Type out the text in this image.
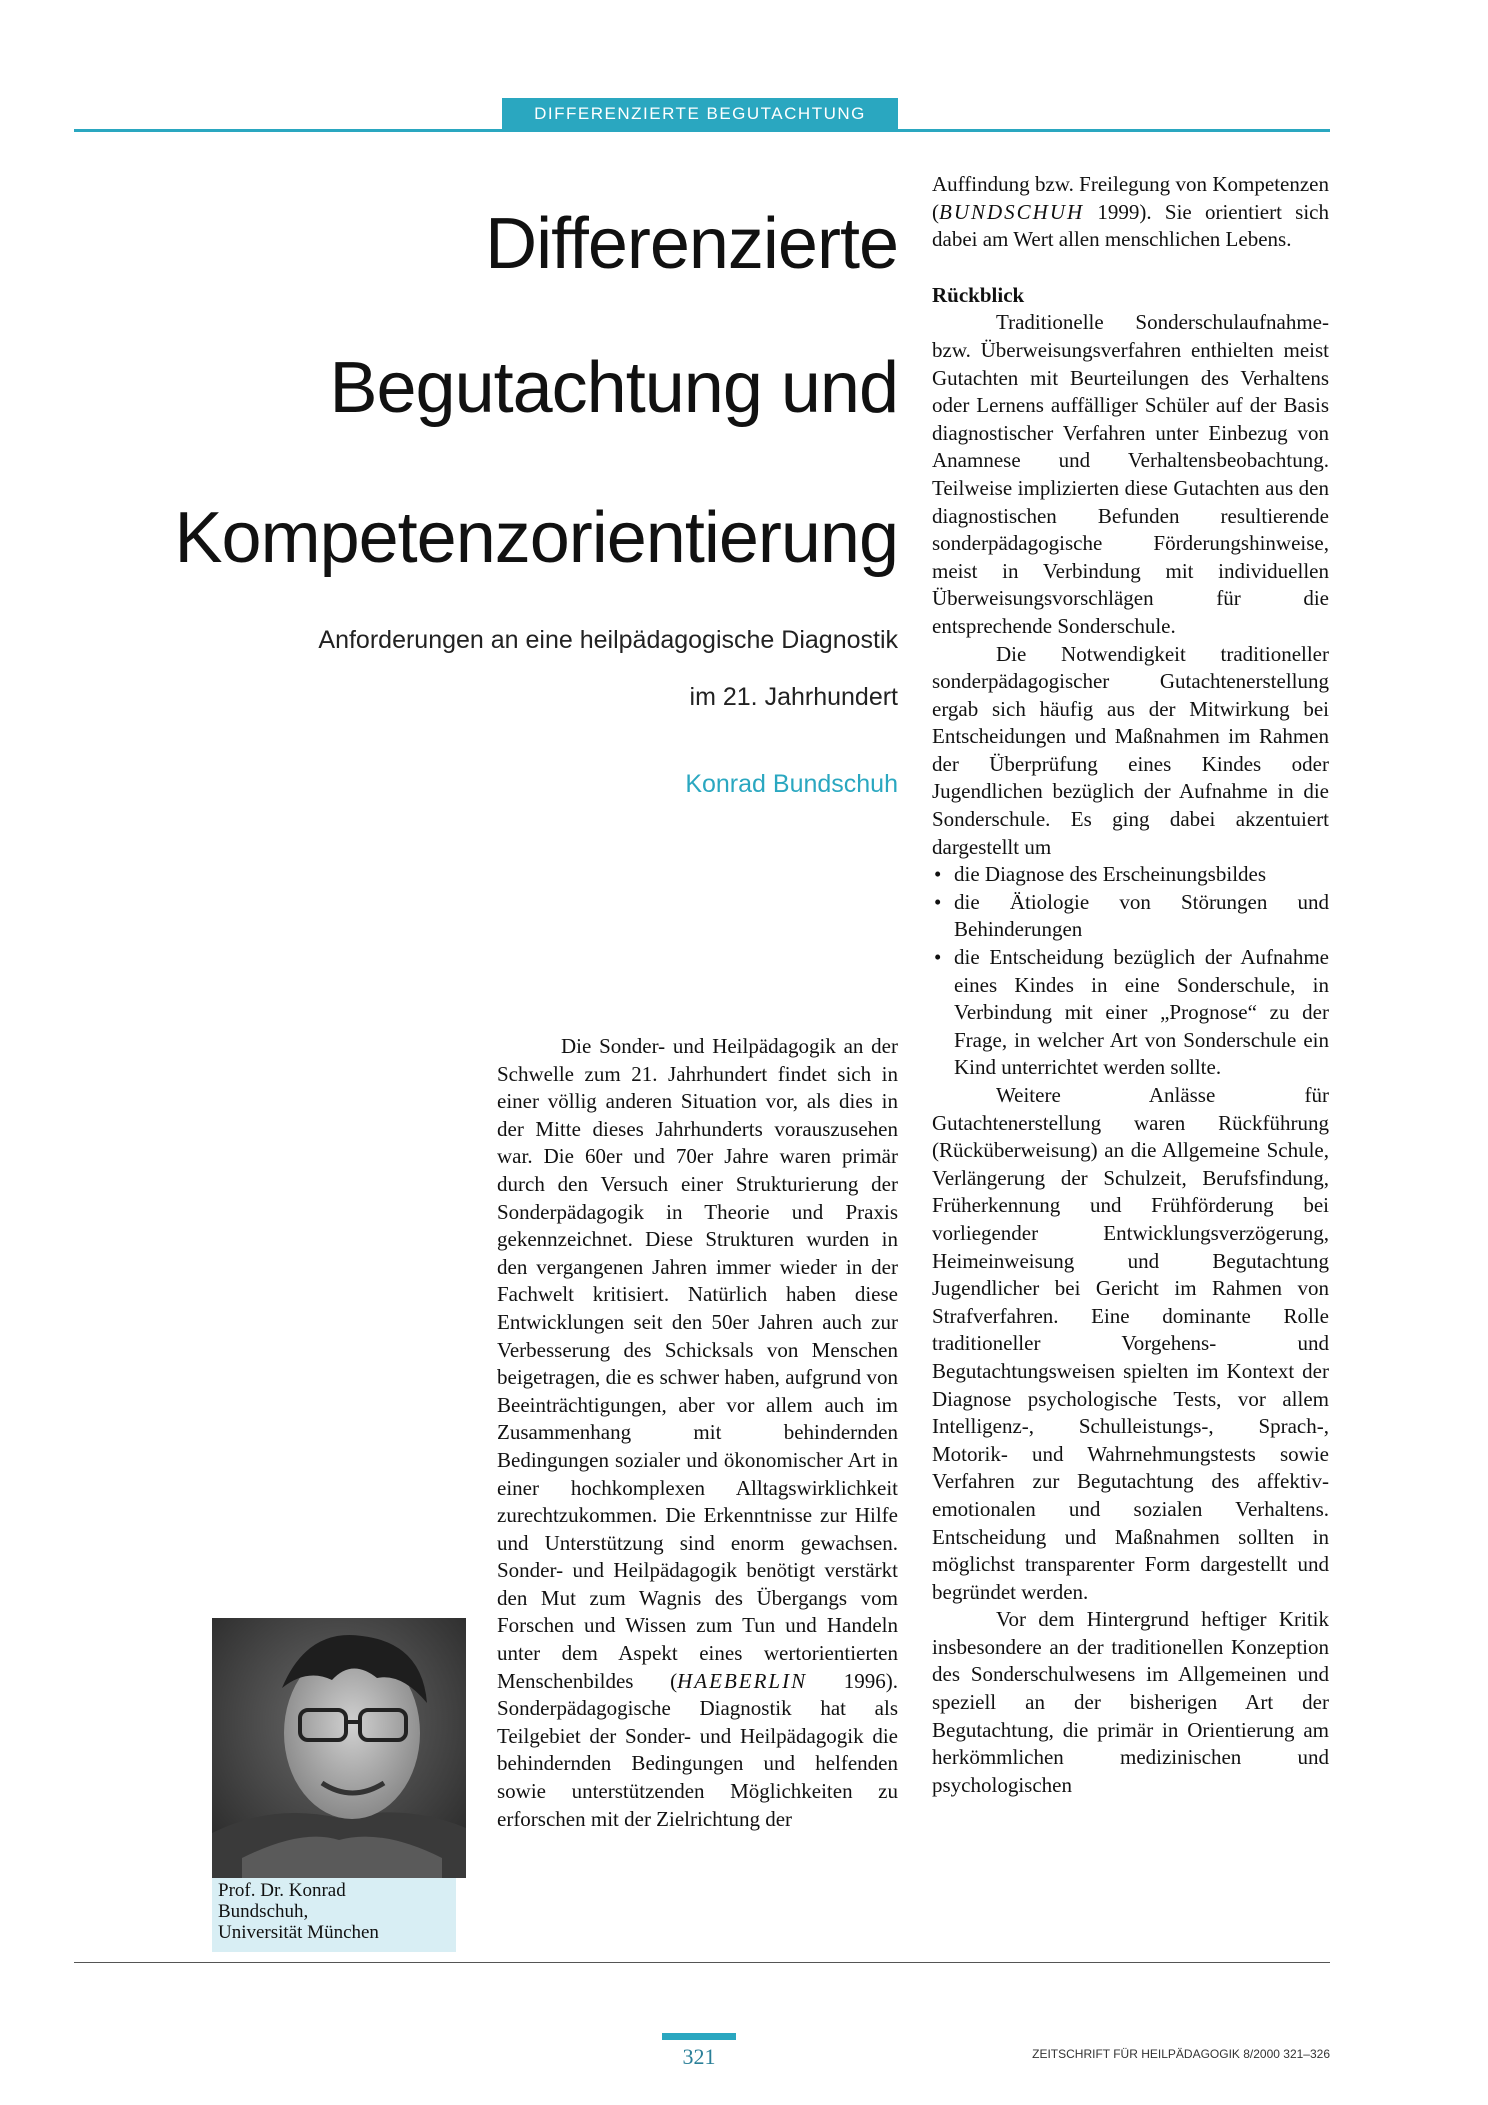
DIFFERENZIERTE BEGUTACHTUNG
Differenzierte
Begutachtung und
Kompetenzorientierung
Anforderungen an eine heilpädagogische Diagnostik
im 21. Jahrhundert
Konrad Bundschuh
Prof. Dr. Konrad
Bundschuh,
Universität München

Die Sonder- und Heilpädagogik an der Schwelle zum 21. Jahrhundert findet sich in einer völlig anderen Situation vor, als dies in der Mitte dieses Jahrhunderts vorauszusehen war. Die 60er und 70er Jahre waren primär durch den Versuch einer Strukturierung der Sonderpädagogik in Theorie und Praxis gekennzeichnet. Diese Strukturen wurden in den vergangenen Jahren immer wieder in der Fachwelt kritisiert. Natürlich haben diese Entwicklungen seit den 50er Jahren auch zur Verbesserung des Schicksals von Menschen beigetragen, die es schwer haben, aufgrund von Beeinträchtigungen, aber vor allem auch im Zusammenhang mit behindernden Bedingungen sozialer und ökonomischer Art in einer hochkomplexen Alltagswirklichkeit zurechtzukommen. Die Erkenntnisse zur Hilfe und Unterstützung sind enorm gewachsen. Sonder- und Heilpädagogik benötigt verstärkt den Mut zum Wagnis des Übergangs vom Forschen und Wissen zum Tun und Handeln unter dem Aspekt eines wertorientierten Menschenbildes (HAEBERLIN 1996). Sonderpädagogische Diagnostik hat als Teilgebiet der Sonder- und Heilpädagogik die behindernden Bedingungen und helfenden sowie unterstützenden Möglichkeiten zu erforschen mit der Zielrichtung der

Auffindung bzw. Freilegung von Kompetenzen (BUNDSCHUH 1999). Sie orientiert sich dabei am Wert allen menschlichen Lebens.

Rückblick

Traditionelle Sonderschulaufnahme- bzw. Überweisungsverfahren enthielten meist Gutachten mit Beurteilungen des Verhaltens oder Lernens auffälliger Schüler auf der Basis diagnostischer Verfahren unter Einbezug von Anamnese und Verhaltensbeobachtung. Teilweise implizierten diese Gutachten aus den diagnostischen Befunden resultierende sonderpädagogische Förderungshinweise, meist in Verbindung mit individuellen Überweisungsvorschlägen für die entsprechende Sonderschule.

Die Notwendigkeit traditioneller sonderpädagogischer Gutachtenerstellung ergab sich häufig aus der Mitwirkung bei Entscheidungen und Maßnahmen im Rahmen der Überprüfung eines Kindes oder Jugendlichen bezüglich der Aufnahme in die Sonderschule. Es ging dabei akzentuiert dargestellt um

• die Diagnose des Erscheinungsbildes
• die Ätiologie von Störungen und Behinderungen
• die Entscheidung bezüglich der Aufnahme eines Kindes in eine Sonderschule, in Verbindung mit einer „Prognose“ zu der Frage, in welcher Art von Sonderschule ein Kind unterrichtet werden sollte.

Weitere Anlässe für Gutachtenerstellung waren Rückführung (Rücküberweisung) an die Allgemeine Schule, Verlängerung der Schulzeit, Berufsfindung, Früherkennung und Frühförderung bei vorliegender Entwicklungsverzögerung, Heimeinweisung und Begutachtung Jugendlicher bei Gericht im Rahmen von Strafverfahren. Eine dominante Rolle traditioneller Vorgehens- und Begutachtungsweisen spielten im Kontext der Diagnose psychologische Tests, vor allem Intelligenz-, Schulleistungs-, Sprach-, Motorik- und Wahrnehmungstests sowie Verfahren zur Begutachtung des affektiv-emotionalen und sozialen Verhaltens. Entscheidung und Maßnahmen sollten in möglichst transparenter Form dargestellt und begründet werden.

Vor dem Hintergrund heftiger Kritik insbesondere an der traditionellen Konzeption des Sonderschulwesens im Allgemeinen und speziell an der bisherigen Art der Begutachtung, die primär in Orientierung am herkömmlichen medizinischen und psychologischen

321	ZEITSCHRIFT FÜR HEILPÄDAGOGIK 8/2000 321–326
